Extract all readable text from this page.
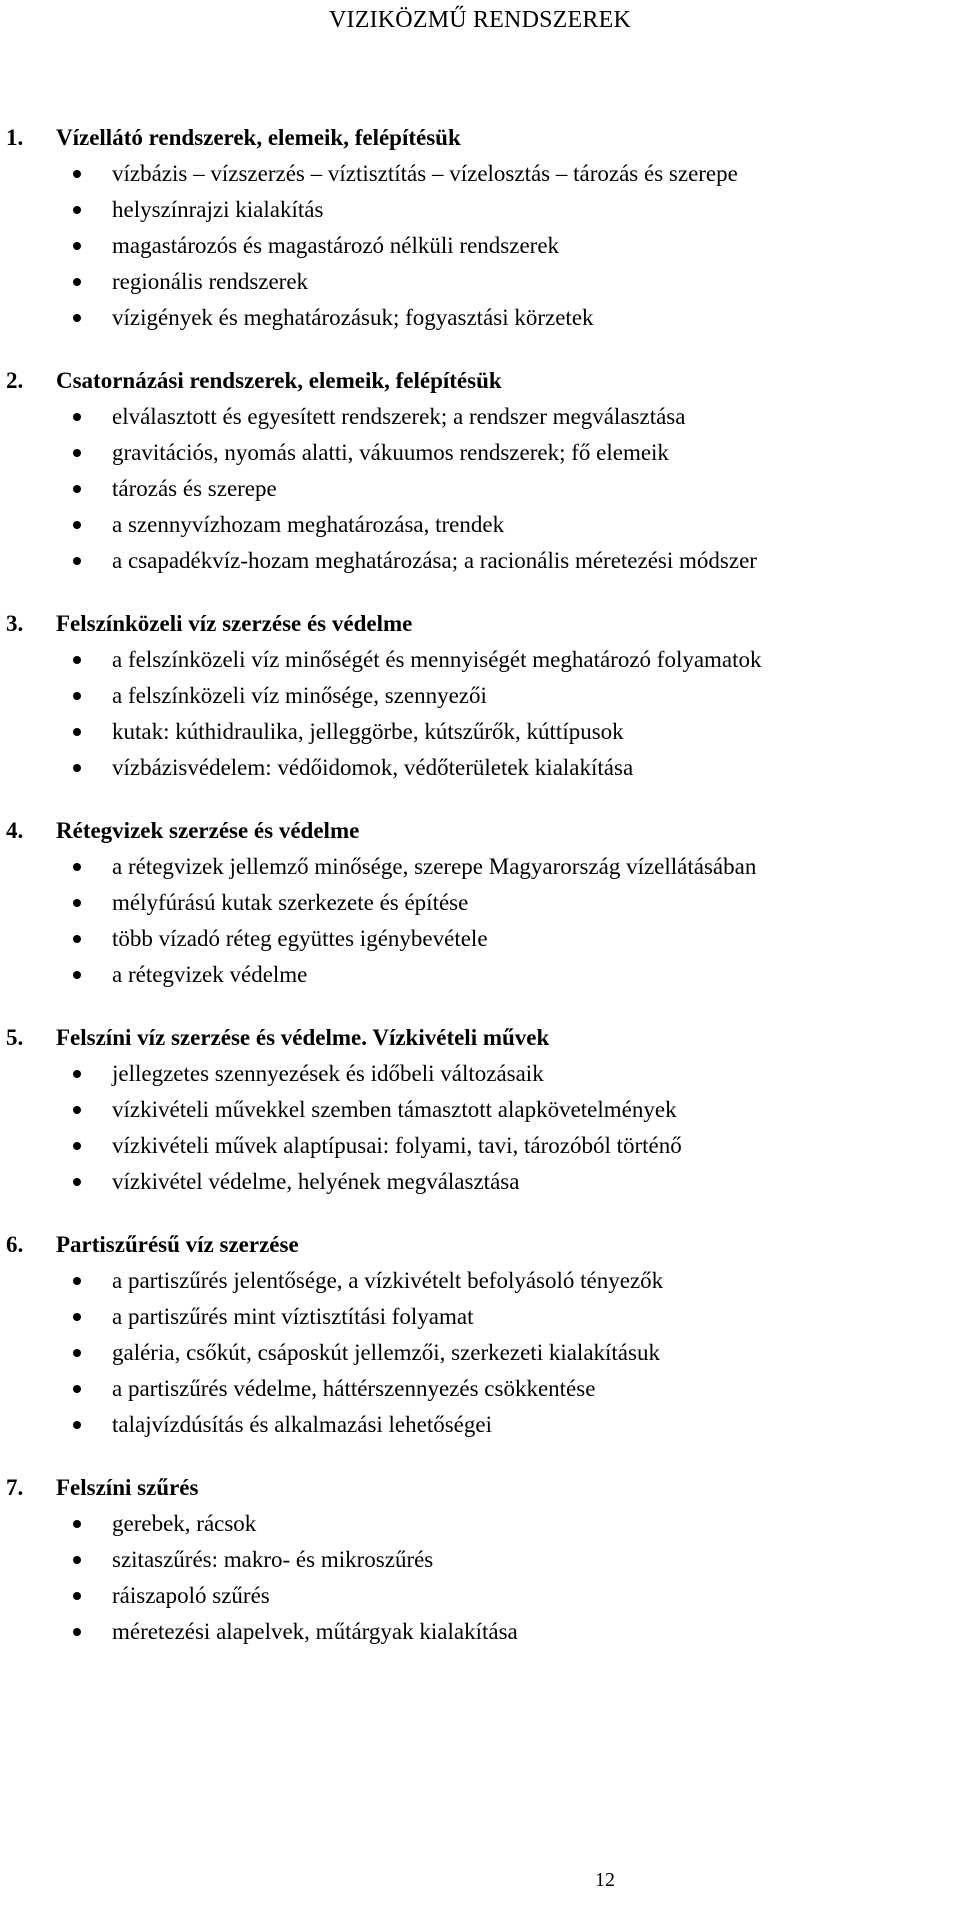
VIZIKÖZMŰ RENDSZEREK
1. Vízellátó rendszerek, elemeik, felépítésük
vízbázis – vízszerzés – víztisztítás – vízelosztás – tározás és szerepe
helyszínrajzi kialakítás
magastározós és magastározó nélküli rendszerek
regionális rendszerek
vízigények és meghatározásuk; fogyasztási körzetek
2. Csatornázási rendszerek, elemeik, felépítésük
elválasztott és egyesített rendszerek; a rendszer megválasztása
gravitációs, nyomás alatti, vákuumos rendszerek; fő elemeik
tározás és szerepe
a szennyvízhozam meghatározása, trendek
a csapadékvíz-hozam meghatározása; a racionális méretezési módszer
3. Felszínközeli víz szerzése és védelme
a felszínközeli víz minőségét és mennyiségét meghatározó folyamatok
a felszínközeli víz minősége, szennyezői
kutak: kúthidraulika, jelleggörbe, kútszűrők, kúttípusok
vízbázisvédelem: védőidomok, védőterületek kialakítása
4. Rétegvizek szerzése és védelme
a rétegvizek jellemző minősége, szerepe Magyarország vízellátásában
mélyfúrású kutak szerkezete és építése
több vízadó réteg együttes igénybevétele
a rétegvizek védelme
5. Felszíni víz szerzése és védelme. Vízkivételi művek
jellegzetes szennyezések és időbeli változásaik
vízkivételi művekkel szemben támasztott alapkövetelmények
vízkivételi művek alaptípusai: folyami, tavi, tározóból történő
vízkivétel védelme, helyének megválasztása
6. Partiszűrésű víz szerzése
a partiszűrés jelentősége, a vízkivételt befolyásoló tényezők
a partiszűrés mint víztisztítási folyamat
galéria, csőkút, csáposkút jellemzői, szerkezeti kialakításuk
a partiszűrés védelme, háttérszennyezés csökkentése
talajvízdúsítás és alkalmazási lehetőségei
7. Felszíni szűrés
gerebek, rácsok
szitaszűrés: makro- és mikroszűrés
ráiszapoló szűrés
méretezési alapelvek, műtárgyak kialakítása
12
